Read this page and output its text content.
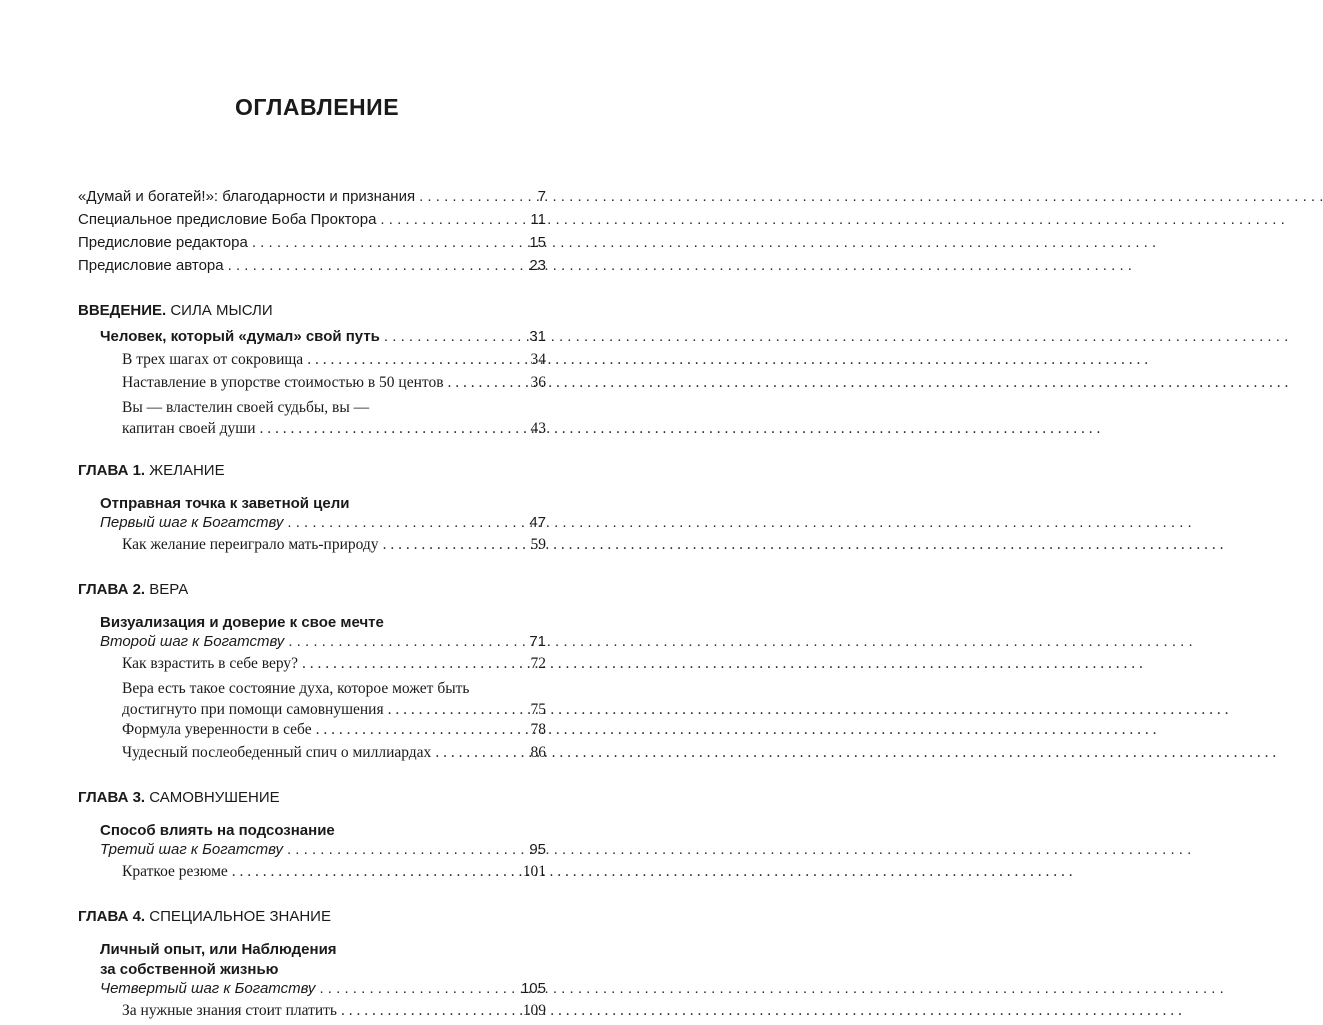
ОГЛАВЛЕНИЕ
«Думай и богатей!»: благодарности и признания . . .	7
Специальное предисловие Боба Проктора . . .	11
Предисловие редактора . . .	15
Предисловие автора . . .	23
ВВЕДЕНИЕ. СИЛА МЫСЛИ
Человек, который «думал» свой путь . . .	31
В трех шагах от сокровища . . .	34
Наставление в упорстве стоимостью в 50 центов . . .	36
Вы — властелин своей судьбы, вы —
капитан своей души . . .	43
ГЛАВА 1. ЖЕЛАНИЕ
Отправная точка к заветной цели
Первый шаг к Богатству . . .	47
Как желание переиграло мать-природу . . .	59
ГЛАВА 2. ВЕРА
Визуализация и доверие к свое мечте
Второй шаг к Богатству . . .	71
Как взрастить в себе веру? . . .	72
Вера есть такое состояние духа, которое может быть
достигнуто при помощи самовнушения . . .	75
Формула уверенности в себе . . .	78
Чудесный послеобеденный спич о миллиардах . . .	86
ГЛАВА 3. САМОВНУШЕНИЕ
Способ влиять на подсознание
Третий шаг к Богатству . . .	95
Краткое резюме . . .	101
ГЛАВА 4. СПЕЦИАЛЬНОЕ ЗНАНИЕ
Личный опыт, или Наблюдения
за собственной жизнью
Четвертый шаг к Богатству . . .	105
За нужные знания стоит платить . . .	109
